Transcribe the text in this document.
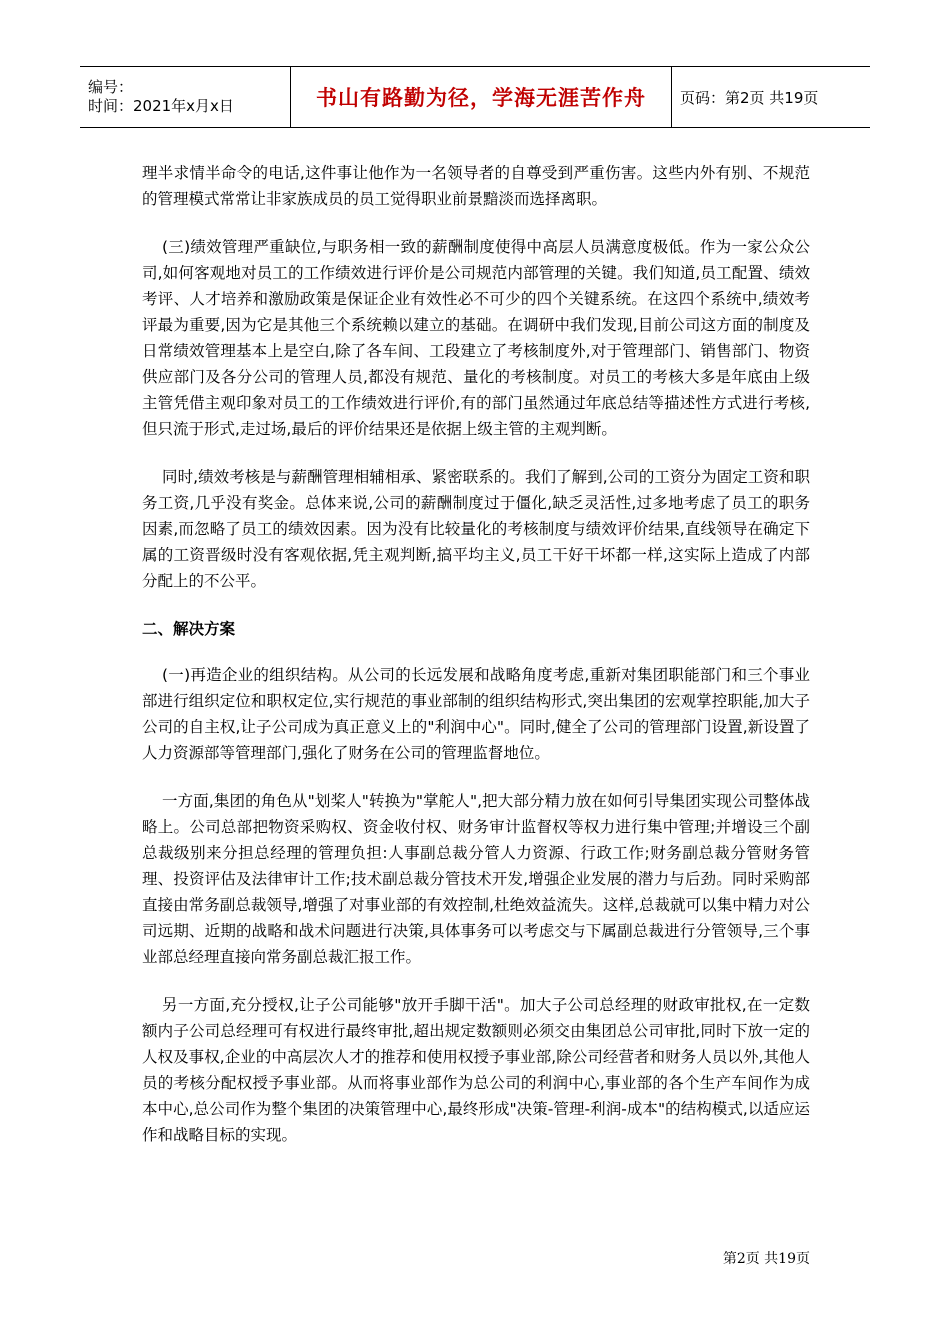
编号：
时间：2021年x月x日	书山有路勤为径，学海无涯苦作舟	页码：第2页 共19页

理半求情半命令的电话,这件事让他作为一名领导者的自尊受到严重伤害。这些内外有别、不规范的管理模式常常让非家族成员的员工觉得职业前景黯淡而选择离职。

(三)绩效管理严重缺位,与职务相一致的薪酬制度使得中高层人员满意度极低。作为一家公众公司,如何客观地对员工的工作绩效进行评价是公司规范内部管理的关键。我们知道,员工配置、绩效考评、人才培养和激励政策是保证企业有效性必不可少的四个关键系统。在这四个系统中,绩效考评最为重要,因为它是其他三个系统赖以建立的基础。在调研中我们发现,目前公司这方面的制度及日常绩效管理基本上是空白,除了各车间、工段建立了考核制度外,对于管理部门、销售部门、物资供应部门及各分公司的管理人员,都没有规范、量化的考核制度。对员工的考核大多是年底由上级主管凭借主观印象对员工的工作绩效进行评价,有的部门虽然通过年底总结等描述性方式进行考核,但只流于形式,走过场,最后的评价结果还是依据上级主管的主观判断。

同时,绩效考核是与薪酬管理相辅相承、紧密联系的。我们了解到,公司的工资分为固定工资和职务工资,几乎没有奖金。总体来说,公司的薪酬制度过于僵化,缺乏灵活性,过多地考虑了员工的职务因素,而忽略了员工的绩效因素。因为没有比较量化的考核制度与绩效评价结果,直线领导在确定下属的工资晋级时没有客观依据,凭主观判断,搞平均主义,员工干好干坏都一样,这实际上造成了内部分配上的不公平。

二、解决方案

(一)再造企业的组织结构。从公司的长远发展和战略角度考虑,重新对集团职能部门和三个事业部进行组织定位和职权定位,实行规范的事业部制的组织结构形式,突出集团的宏观掌控职能,加大子公司的自主权,让子公司成为真正意义上的"利润中心"。同时,健全了公司的管理部门设置,新设置了人力资源部等管理部门,强化了财务在公司的管理监督地位。

一方面,集团的角色从"划桨人"转换为"掌舵人",把大部分精力放在如何引导集团实现公司整体战略上。公司总部把物资采购权、资金收付权、财务审计监督权等权力进行集中管理;并增设三个副总裁级别来分担总经理的管理负担:人事副总裁分管人力资源、行政工作;财务副总裁分管财务管理、投资评估及法律审计工作;技术副总裁分管技术开发,增强企业发展的潜力与后劲。同时采购部直接由常务副总裁领导,增强了对事业部的有效控制,杜绝效益流失。这样,总裁就可以集中精力对公司远期、近期的战略和战术问题进行决策,具体事务可以考虑交与下属副总裁进行分管领导,三个事业部总经理直接向常务副总裁汇报工作。

另一方面,充分授权,让子公司能够"放开手脚干活"。加大子公司总经理的财政审批权,在一定数额内子公司总经理可有权进行最终审批,超出规定数额则必须交由集团总公司审批,同时下放一定的人权及事权,企业的中高层次人才的推荐和使用权授予事业部,除公司经营者和财务人员以外,其他人员的考核分配权授予事业部。从而将事业部作为总公司的利润中心,事业部的各个生产车间作为成本中心,总公司作为整个集团的决策管理中心,最终形成"决策-管理-利润-成本"的结构模式,以适应运作和战略目标的实现。

第2页 共19页
